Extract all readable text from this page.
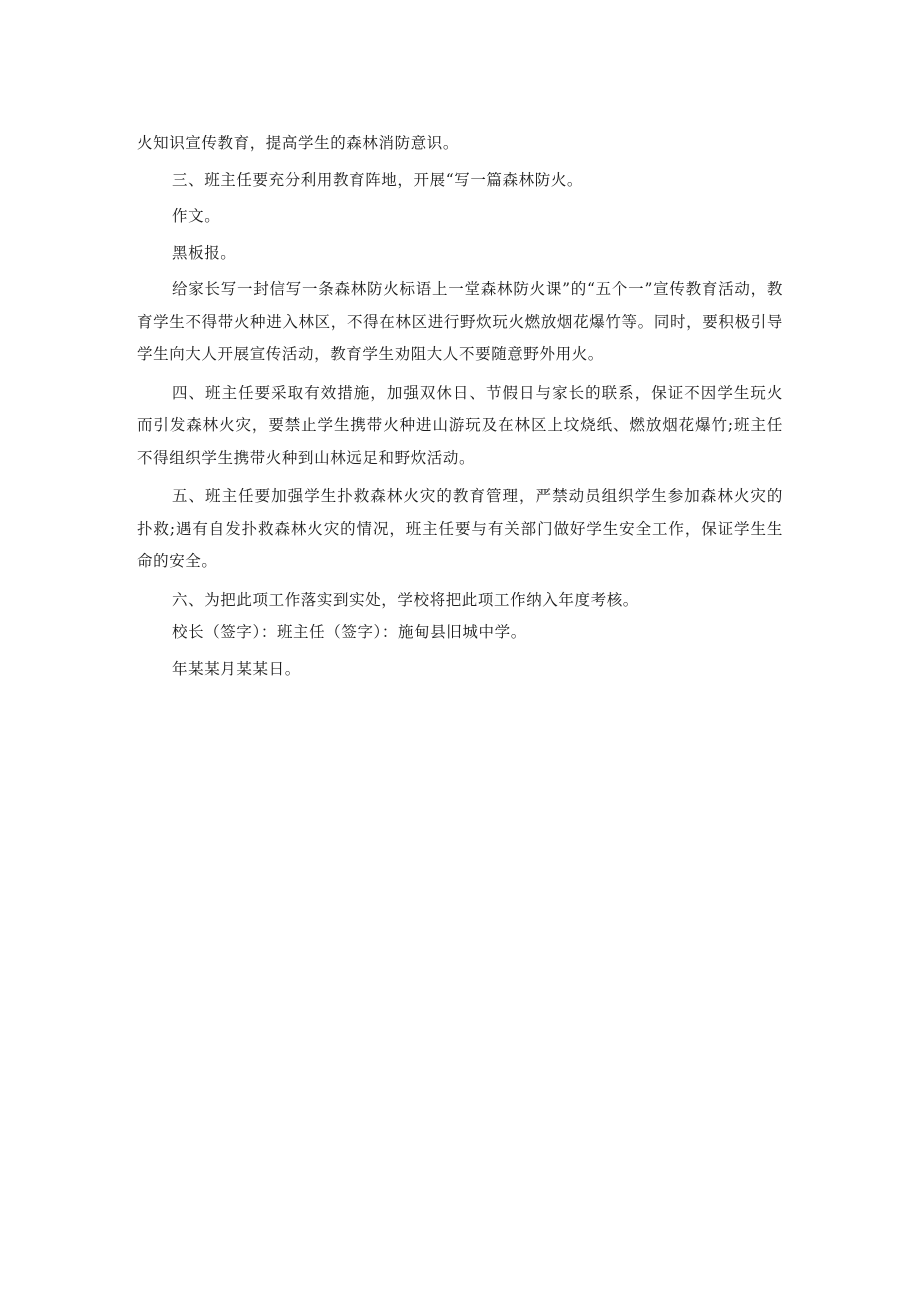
火知识宣传教育，提高学生的森林消防意识。

三、班主任要充分利用教育阵地，开展“写一篇森林防火。

作文。

黑板报。

给家长写一封信写一条森林防火标语上一堂森林防火课”的“五个一”宣传教育活动，教育学生不得带火种进入林区，不得在林区进行野炊玩火燃放烟花爆竹等。同时，要积极引导学生向大人开展宣传活动，教育学生劝阻大人不要随意野外用火。

四、班主任要采取有效措施，加强双休日、节假日与家长的联系，保证不因学生玩火而引发森林火灾，要禁止学生携带火种进山游玩及在林区上坟烧纸、燃放烟花爆竹;班主任不得组织学生携带火种到山林远足和野炊活动。

五、班主任要加强学生扑救森林火灾的教育管理，严禁动员组织学生参加森林火灾的扑救;遇有自发扑救森林火灾的情况，班主任要与有关部门做好学生安全工作，保证学生生命的安全。

六、为把此项工作落实到实处，学校将把此项工作纳入年度考核。

校长（签字）：班主任（签字）：施甸县旧城中学。

年某某月某某日。
